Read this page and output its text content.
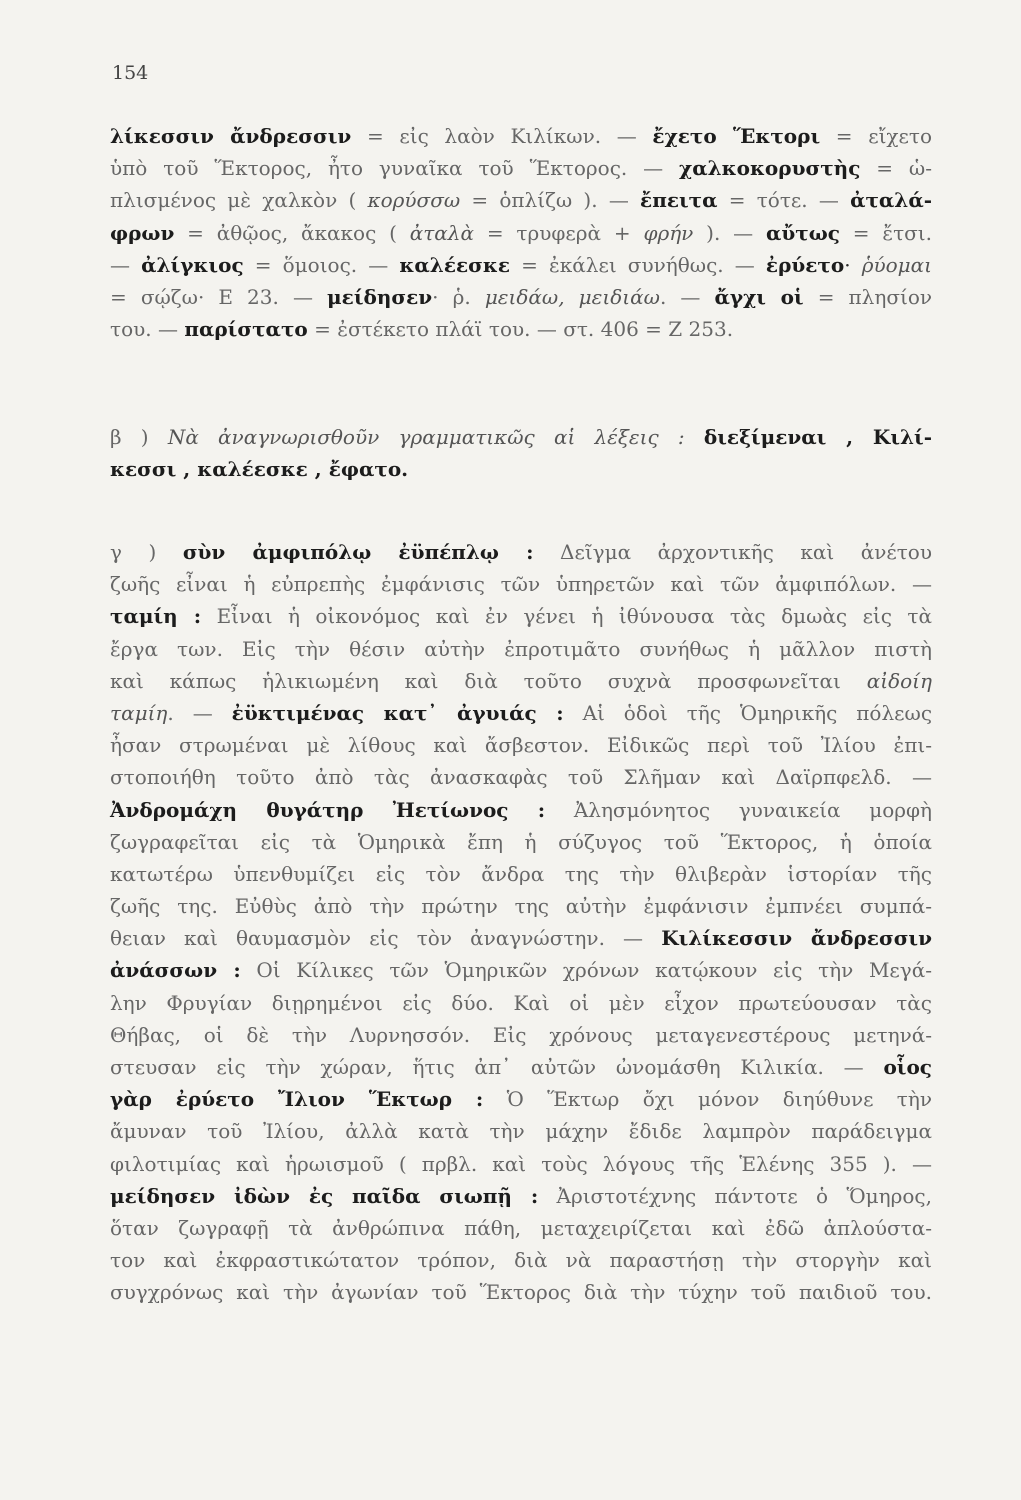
154
λίκεσσιν ἄνδρεσσιν = εἰς λαὸν Κιλίκων. — ἔχετο Ἕκτορι = εἴχετο
ὑπὸ τοῦ Ἕκτορος, ἦτο γυναῖκα τοῦ Ἕκτορος. — χαλκοκορυστὴς = ὡ-
πλισμένος μὲ χαλκὸν ( κορύσσω = ὁπλίζω ). — ἔπειτα = τότε. — ἀταλά-
φρων = ἀθῷος, ἄκακος ( ἀταλὰ = τρυφερὰ + φρήν ). — αὔτως = ἔτσι.
— ἀλίγκιος = ὅμοιος. — καλέεσκε = ἐκάλει συνήθως. — ἐρύετο· ῥύομαι
= σῴζω· Ε 23. — μείδησεν· ῥ. μειδάω, μειδιάω. — ἄγχι οἱ = πλησίον
του. — παρίστατο = ἐστέκετο πλάϊ του. — στ. 406 = Ζ 253.
β ) Νὰ ἀναγνωρισθοῦν γραμματικῶς αἱ λέξεις : διεξίμεναι , Κιλί-
κεσσι , καλέεσκε , ἔφατο.
γ ) σὺν ἀμφιπόλῳ ἐϋπέπλῳ : Δεῖγμα ἀρχοντικῆς καὶ ἀνέτου
ζωῆς εἶναι ἡ εὐπρεπὴς ἐμφάνισις τῶν ὑπηρετῶν καὶ τῶν ἀμφιπόλων. —
ταμίη : Εἶναι ἡ οἰκονόμος καὶ ἐν γένει ἡ ἰθύνουσα τὰς δμωὰς εἰς τὰ
ἔργα των. Εἰς τὴν θέσιν αὐτὴν ἐπροτιμᾶτο συνήθως ἡ μᾶλλον πιστὴ
καὶ κάπως ἡλικιωμένη καὶ διὰ τοῦτο συχνὰ προσφωνεῖται αἰδοίη
ταμίη. — ἐϋκτιμένας κατ᾽ ἀγυιάς : Αἱ ὁδοὶ τῆς Ὁμηρικῆς πόλεως
ἦσαν στρωμέναι μὲ λίθους καὶ ἄσβεστον. Εἰδικῶς περὶ τοῦ Ἰλίου ἐπι-
στοποιήθη τοῦτο ἀπὸ τὰς ἀνασκαφὰς τοῦ Σλῆμαν καὶ Δαϊρπφελδ. —
Ἀνδρομάχη θυγάτηρ Ἠετίωνος : Ἀλησμόνητος γυναικεία μορφὴ
ζωγραφεῖται εἰς τὰ Ὁμηρικὰ ἔπη ἡ σύζυγος τοῦ Ἕκτορος, ἡ ὁποία
κατωτέρω ὑπενθυμίζει εἰς τὸν ἄνδρα της τὴν θλιβερὰν ἱστορίαν τῆς
ζωῆς της. Εὐθὺς ἀπὸ τὴν πρώτην της αὐτὴν ἐμφάνισιν ἐμπνέει συμπά-
θειαν καὶ θαυμασμὸν εἰς τὸν ἀναγνώστην. — Κιλίκεσσιν ἄνδρεσσιν
ἀνάσσων : Οἱ Κίλικες τῶν Ὁμηρικῶν χρόνων κατῴκουν εἰς τὴν Μεγά-
λην Φρυγίαν διῃρημένοι εἰς δύο. Καὶ οἱ μὲν εἶχον πρωτεύουσαν τὰς
Θήβας, οἱ δὲ τὴν Λυρνησσόν. Εἰς χρόνους μεταγενεστέρους μετηνά-
στευσαν εἰς τὴν χώραν, ἥτις ἀπ᾽ αὐτῶν ὠνομάσθη Κιλικία. — οἷος
γὰρ ἐρύετο Ἴλιον Ἕκτωρ : Ὁ Ἕκτωρ ὄχι μόνον διηύθυνε τὴν
ἄμυναν τοῦ Ἰλίου, ἀλλὰ κατὰ τὴν μάχην ἔδιδε λαμπρὸν παράδειγμα
φιλοτιμίας καὶ ἡρωισμοῦ ( πρβλ. καὶ τοὺς λόγους τῆς Ἑλένης 355 ). —
μείδησεν ἰδὼν ἐς παῖδα σιωπῇ : Ἀριστοτέχνης πάντοτε ὁ Ὅμηρος,
ὅταν ζωγραφῇ τὰ ἀνθρώπινα πάθη, μεταχειρίζεται καὶ ἐδῶ ἁπλούστα-
τον καὶ ἐκφραστικώτατον τρόπον, διὰ νὰ παραστήσῃ τὴν στοργὴν καὶ
συγχρόνως καὶ τὴν ἀγωνίαν τοῦ Ἕκτορος διὰ τὴν τύχην τοῦ παιδιοῦ του.
